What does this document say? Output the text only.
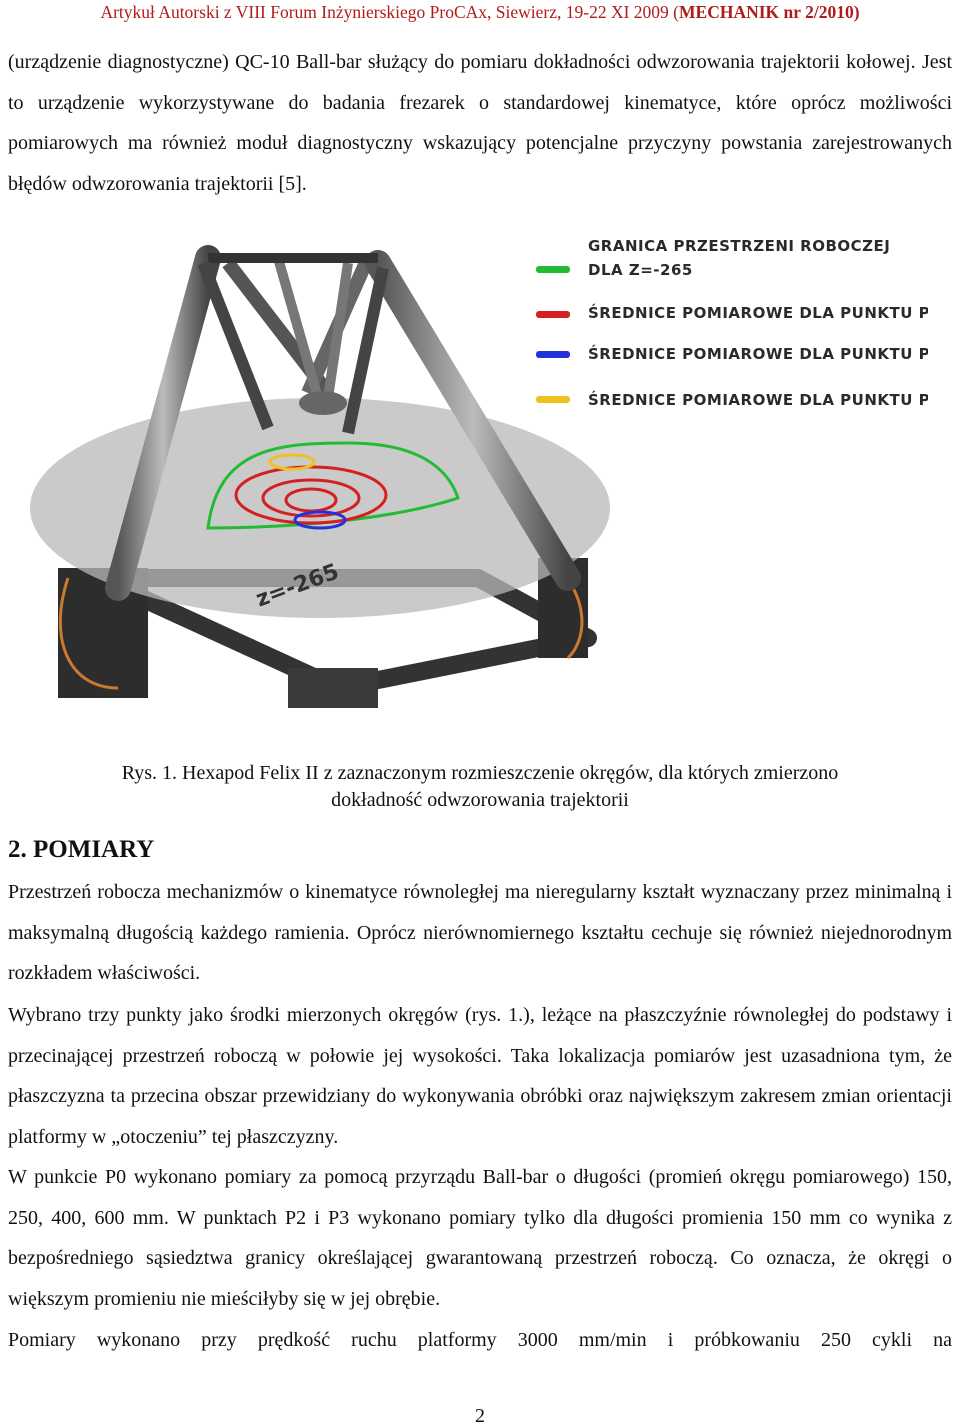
Artykuł Autorski z VIII Forum Inżynierskiego ProCAx, Siewierz, 19-22 XI 2009 (MECHANIK nr 2/2010)

(urządzenie diagnostyczne) QC-10 Ball-bar służący do pomiaru dokładności odwzorowania trajektorii kołowej. Jest to urządzenie wykorzystywane do badania frezarek o standardowej kinematyce, które oprócz możliwości pomiarowych ma również moduł diagnostyczny wskazujący potencjalne przyczyny powstania zarejestrowanych błędów odwzorowania trajektorii [5].

z=-265
GRANICA PRZESTRZENI ROBOCZEJ
DLA Z=-265
ŚREDNICE POMIAROWE DLA PUNKTU P0
ŚREDNICE POMIAROWE DLA PUNKTU PI
ŚREDNICE POMIAROWE DLA PUNKTU P2
Rys. 1. Hexapod Felix II z zaznaczonym rozmieszczenie okręgów, dla których zmierzono
dokładność odwzorowania trajektorii
2. POMIARY

Przestrzeń robocza mechanizmów o kinematyce równoległej ma nieregularny kształt wyznaczany przez minimalną i maksymalną długością każdego ramienia. Oprócz nierównomiernego kształtu cechuje się również niejednorodnym rozkładem właściwości.

Wybrano trzy punkty jako środki mierzonych okręgów (rys. 1.), leżące na płaszczyźnie równoległej do podstawy i przecinającej przestrzeń roboczą w połowie jej wysokości. Taka lokalizacja pomiarów jest uzasadniona tym, że płaszczyzna ta przecina obszar przewidziany do wykonywania obróbki oraz największym zakresem zmian orientacji platformy w „otoczeniu” tej płaszczyzny.

W punkcie P0 wykonano pomiary za pomocą przyrządu Ball-bar o długości (promień okręgu pomiarowego) 150, 250, 400, 600 mm. W punktach P2 i P3 wykonano pomiary tylko dla długości promienia 150 mm co wynika z bezpośredniego sąsiedztwa granicy określającej gwarantowaną przestrzeń roboczą. Co oznacza, że okręgi o większym promieniu nie mieściłyby się w jej obrębie.

Pomiary wykonano przy prędkość ruchu platformy 3000 mm/min i próbkowaniu 250 cykli na

2
